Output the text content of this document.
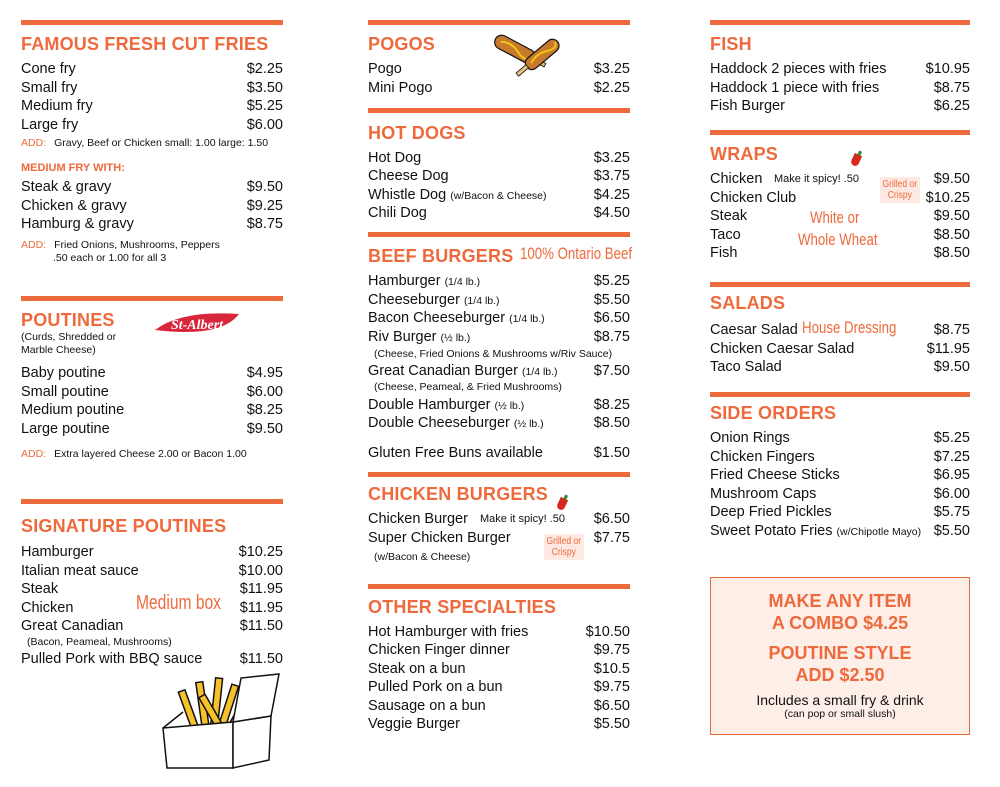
FAMOUS FRESH CUT FRIES
Cone fry	$2.25
Small fry	$3.50
Medium fry	$5.25
Large fry	$6.00
ADD: Gravy, Beef or Chicken small: 1.00 large: 1.50
MEDIUM FRY WITH:
Steak & gravy	$9.50
Chicken & gravy	$9.25
Hamburg & gravy	$8.75
ADD: Fried Onions, Mushrooms, Peppers
.50 each or 1.00 for all 3
POUTINES
(Curds, Shredded or
Marble Cheese)
St-Albert
Baby poutine	$4.95
Small poutine	$6.00
Medium poutine	$8.25
Large poutine	$9.50
ADD: Extra layered Cheese 2.00 or Bacon 1.00
SIGNATURE POUTINES
Hamburger	$10.25
Italian meat sauce	$10.00
Steak	$11.95
Chicken	$11.95
Great Canadian	$11.50
(Bacon, Peameal, Mushrooms)
Pulled Pork with BBQ sauce	$11.50
Medium box
POGOS
Pogo	$3.25
Mini Pogo	$2.25
HOT DOGS
Hot Dog	$3.25
Cheese Dog	$3.75
Whistle Dog (w/Bacon & Cheese)	$4.25
Chili Dog	$4.50
BEEF BURGERS 100% Ontario Beef
Hamburger (1/4 lb.)	$5.25
Cheeseburger (1/4 lb.)	$5.50
Bacon Cheeseburger (1/4 lb.)	$6.50
Riv Burger (½ lb.)	$8.75
(Cheese, Fried Onions & Mushrooms w/Riv Sauce)
Great Canadian Burger (1/4 lb.) $7.50
(Cheese, Peameal, & Fried Mushrooms)
Double Hamburger (½ lb.)	$8.25
Double Cheeseburger (½ lb.)	$8.50
Gluten Free Buns available	$1.50
CHICKEN BURGERS
Chicken Burger	$6.50
Make it spicy! .50
Super Chicken Burger	$7.75
(w/Bacon & Cheese)
Grilled or
Crispy
OTHER SPECIALTIES
Hot Hamburger with fries	$10.50
Chicken Finger dinner	$9.75
Steak on a bun	$10.5
Pulled Pork on a bun	$9.75
Sausage on a bun	$6.50
Veggie Burger	$5.50
FISH
Haddock 2 pieces with fries	$10.95
Haddock 1 piece with fries	$8.75
Fish Burger	$6.25
WRAPS
Chicken	$9.50
Make it spicy! .50 Grilled or
Crispy
Chicken Club	$10.25
Steak	$9.50
Taco	$8.50
Fish	$8.50
White or
Whole Wheat
SALADS
Caesar Salad	$8.75
House Dressing
Chicken Caesar Salad	$11.95
Taco Salad	$9.50
SIDE ORDERS
Onion Rings	$5.25
Chicken Fingers	$7.25
Fried Cheese Sticks	$6.95
Mushroom Caps	$6.00
Deep Fried Pickles	$5.75
Sweet Potato Fries (w/Chipotle Mayo) $5.50
MAKE ANY ITEM
A COMBO $4.25
POUTINE STYLE
ADD $2.50
Includes a small fry & drink
(can pop or small slush)
